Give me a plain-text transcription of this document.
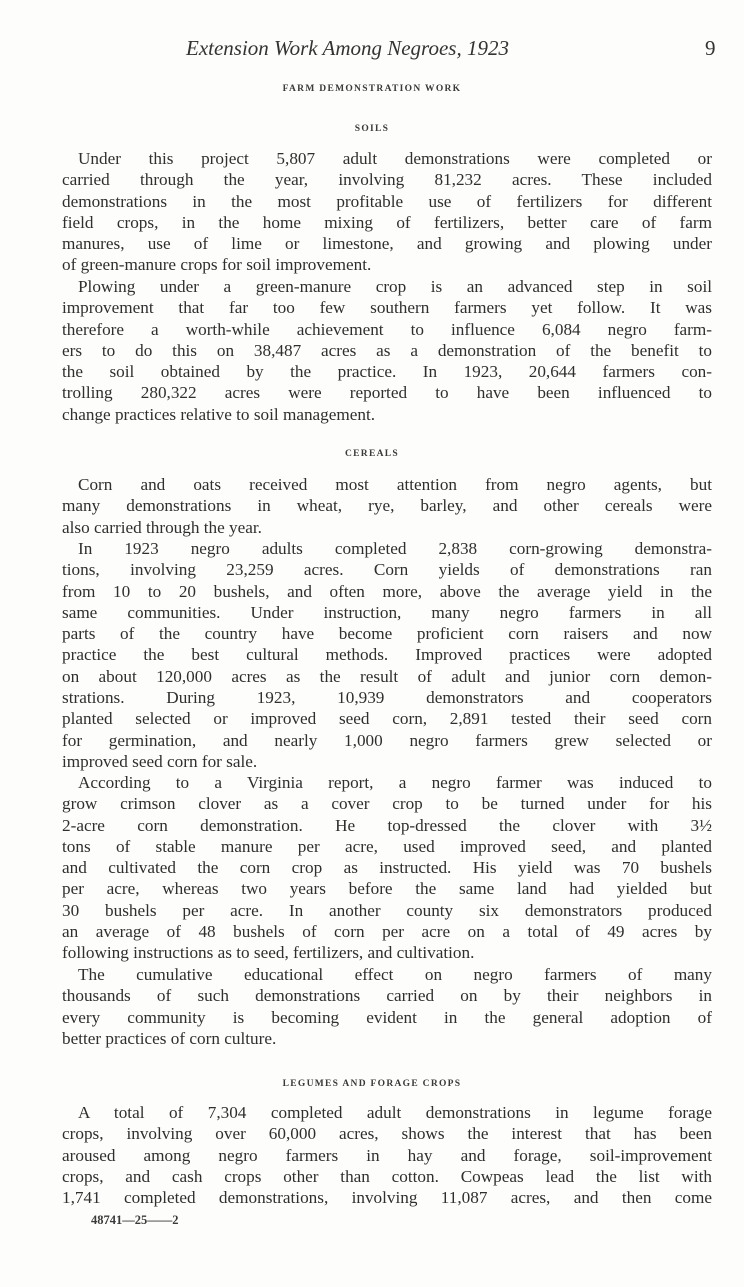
Extension Work Among Negroes, 1923	9
FARM DEMONSTRATION WORK
SOILS
Under this project 5,807 adult demonstrations were completed or
carried through the year, involving 81,232 acres. These included
demonstrations in the most profitable use of fertilizers for different
field crops, in the home mixing of fertilizers, better care of farm
manures, use of lime or limestone, and growing and plowing under
of green-manure crops for soil improvement.
Plowing under a green-manure crop is an advanced step in soil
improvement that far too few southern farmers yet follow. It was
therefore a worth-while achievement to influence 6,084 negro farm-
ers to do this on 38,487 acres as a demonstration of the benefit to
the soil obtained by the practice. In 1923, 20,644 farmers con-
trolling 280,322 acres were reported to have been influenced to
change practices relative to soil management.
CEREALS
Corn and oats received most attention from negro agents, but
many demonstrations in wheat, rye, barley, and other cereals were
also carried through the year.
In 1923 negro adults completed 2,838 corn-growing demonstra-
tions, involving 23,259 acres. Corn yields of demonstrations ran
from 10 to 20 bushels, and often more, above the average yield in the
same communities. Under instruction, many negro farmers in all
parts of the country have become proficient corn raisers and now
practice the best cultural methods. Improved practices were adopted
on about 120,000 acres as the result of adult and junior corn demon-
strations. During 1923, 10,939 demonstrators and cooperators
planted selected or improved seed corn, 2,891 tested their seed corn
for germination, and nearly 1,000 negro farmers grew selected or
improved seed corn for sale.
According to a Virginia report, a negro farmer was induced to
grow crimson clover as a cover crop to be turned under for his
2-acre corn demonstration. He top-dressed the clover with 3½
tons of stable manure per acre, used improved seed, and planted
and cultivated the corn crop as instructed. His yield was 70 bushels
per acre, whereas two years before the same land had yielded but
30 bushels per acre. In another county six demonstrators produced
an average of 48 bushels of corn per acre on a total of 49 acres by
following instructions as to seed, fertilizers, and cultivation.
The cumulative educational effect on negro farmers of many
thousands of such demonstrations carried on by their neighbors in
every community is becoming evident in the general adoption of
better practices of corn culture.
LEGUMES AND FORAGE CROPS
A total of 7,304 completed adult demonstrations in legume forage
crops, involving over 60,000 acres, shows the interest that has been
aroused among negro farmers in hay and forage, soil-improvement
crops, and cash crops other than cotton. Cowpeas lead the list with
1,741 completed demonstrations, involving 11,087 acres, and then come
48741—25——2
